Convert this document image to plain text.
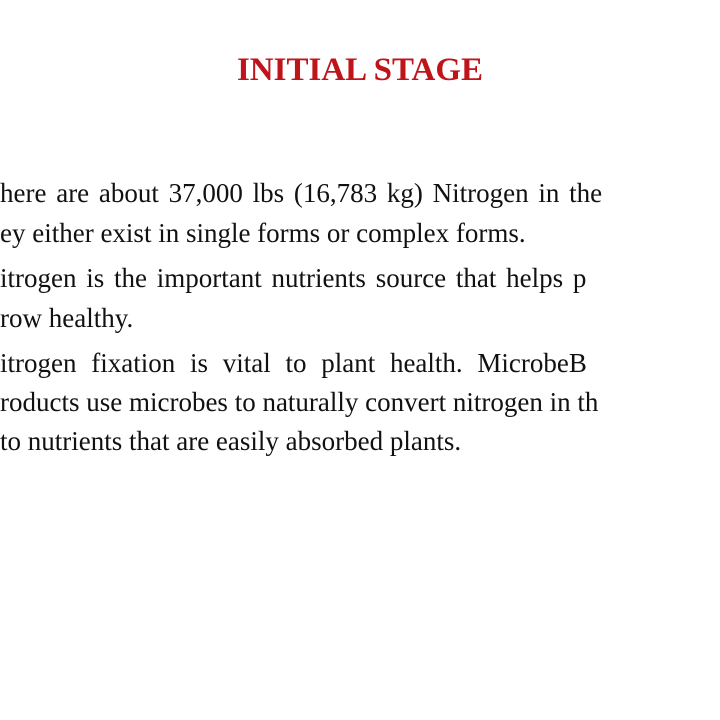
INITIAL STAGE

here are about 37,000 lbs (16,783 kg) Nitrogen in the

ey either exist in single forms or complex forms.

itrogen is the important nutrients source that helps p

row healthy.

itrogen fixation is vital to plant health. MicrobeB

roducts use microbes to naturally convert nitrogen in th

to nutrients that are easily absorbed plants.
